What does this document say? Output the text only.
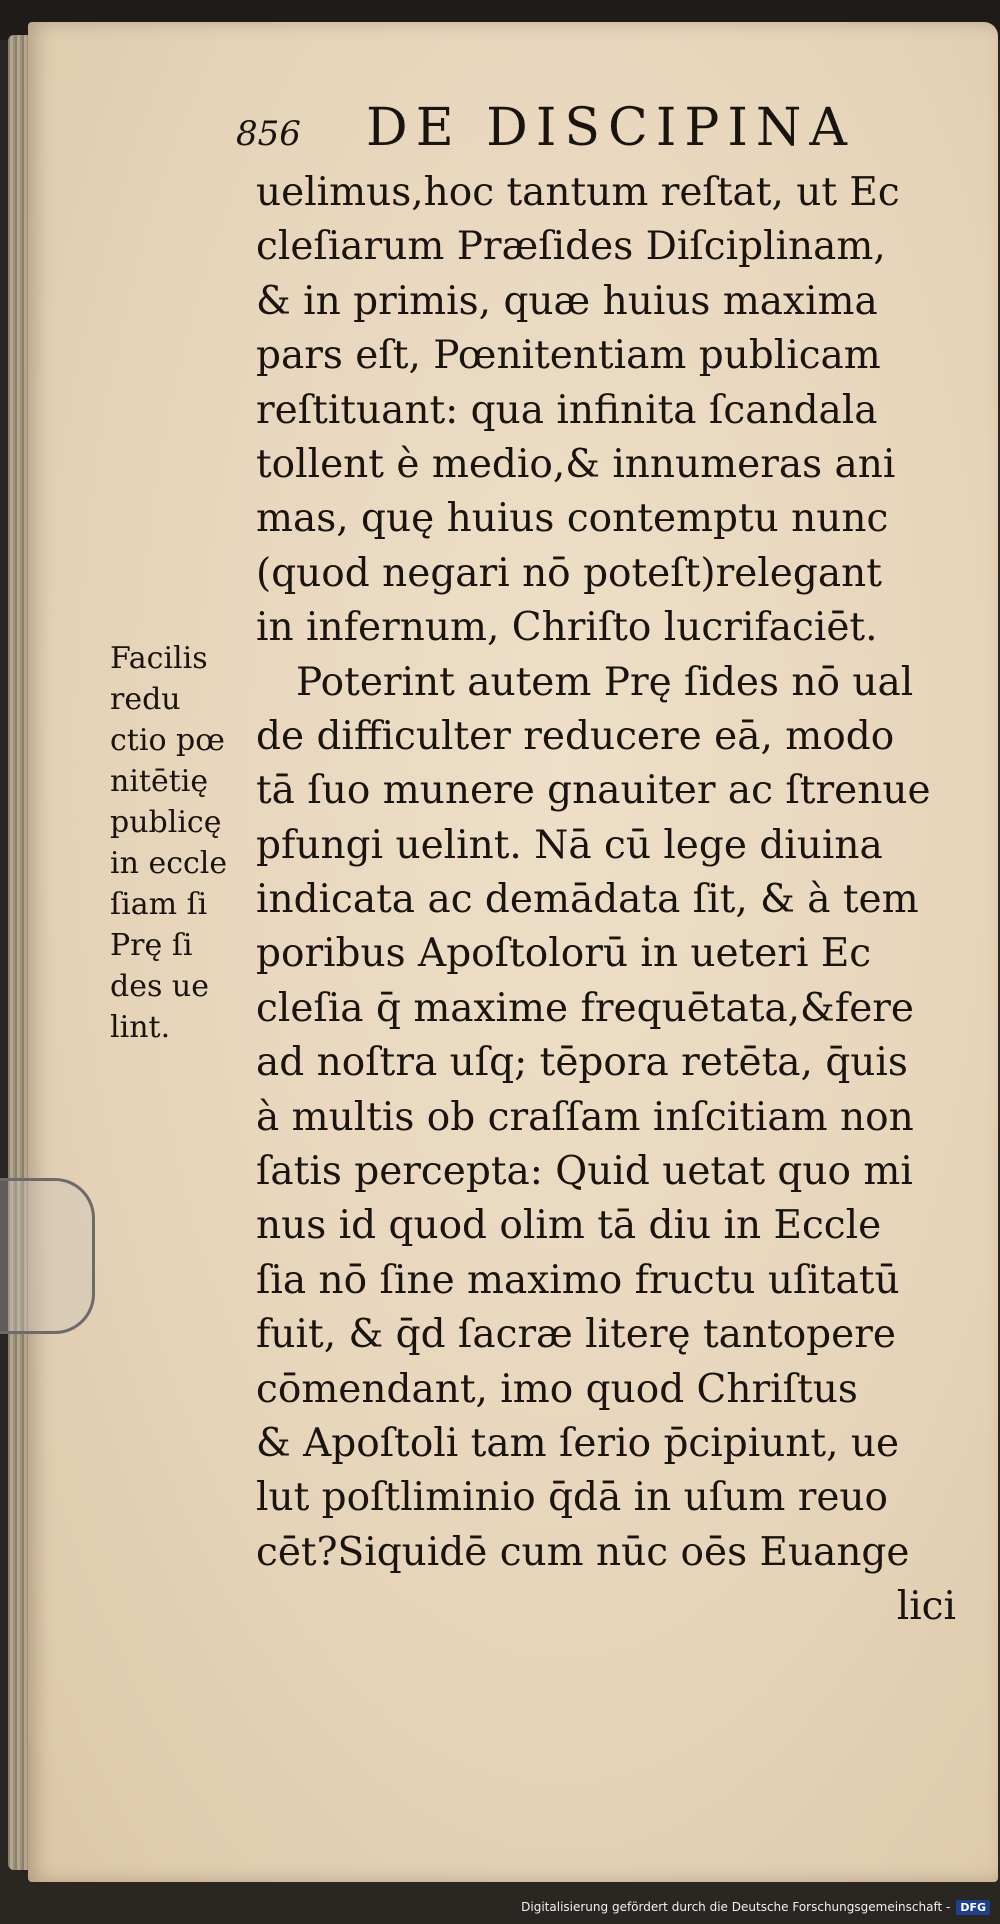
856	DE DISCIPINA
Facilis
redu
ctio pœ
nitētię
publicę
in eccle
ſiam ſi
Prę ſi
des ue
lint.
uelimus,hoc tantum reſtat, ut Ec
cleſiarum Præſides Diſciplinam,
& in primis, quæ huius maxima
pars eſt, Pœnitentiam publicam
reſtituant: qua infinita ſcandala
tollent è medio,& innumeras ani
mas, quę huius contemptu nunc
(quod negari nō poteſt)relegant
in infernum, Chriſto lucrifaciēt.
Poterint autem Prę ſides nō ual
de difficulter reducere eā, modo
tā ſuo munere gnauiter ac ſtrenue
pfungi uelint. Nā cū lege diuina
indicata ac demādata ſit, & à tem
poribus Apoſtolorū in ueteri Ec
cleſia q̄ maxime frequētata,&fere
ad noſtra uſq; tēpora retēta, q̄uis
à multis ob craſſam inſcitiam non
ſatis percepta: Quid uetat quo mi
nus id quod olim tā diu in Eccle
ſia nō ſine maximo fructu uſitatū
fuit, & q̄d ſacræ literę tantopere
cōmendant, imo quod Chriſtus
& Apoſtoli tam ſerio p̄cipiunt, ue
lut poſtliminio q̄dā in uſum reuo
cēt?Siquidē cum nūc oēs Euange
lici
Digitalisierung gefördert durch die Deutsche Forschungsgemeinschaft - DFG
